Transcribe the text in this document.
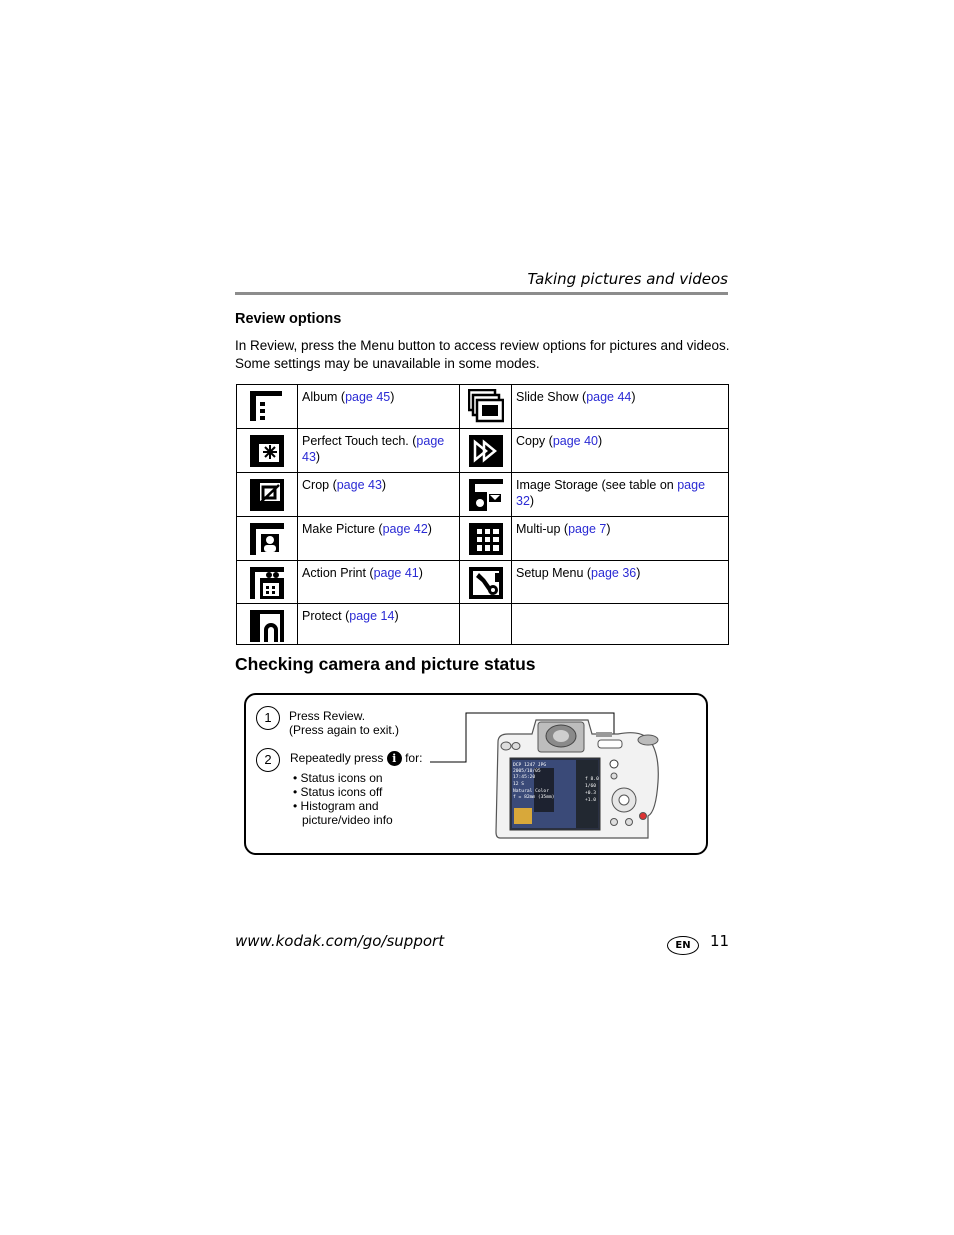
Taking pictures and videos
Review options
In Review, press the Menu button to access review options for pictures and videos. Some settings may be unavailable in some modes.
	Album (page 45)		Slide Show (page 44)

	Perfect Touch tech. (page 43)		Copy (page 40)

	Crop (page 43)		Image Storage (see table on page 32)

	Make Picture (page 42)		Multi-up (page 7)

	Action Print (page 41)		Setup Menu (page 36)

	Protect (page 14)		
Checking camera and picture status
1	Press Review.
(Press again to exit.)
2	Repeatedly press i for:
• Status icons on
• Status icons off
• Histogram and
picture/video info
DCP 1247 JPG
2005/10/05
17:45:20
12 S
Natural Color
f = 82mm (35mm)
f 8.0
1/60
+0.3
+1.0
www.kodak.com/go/support	EN	11
